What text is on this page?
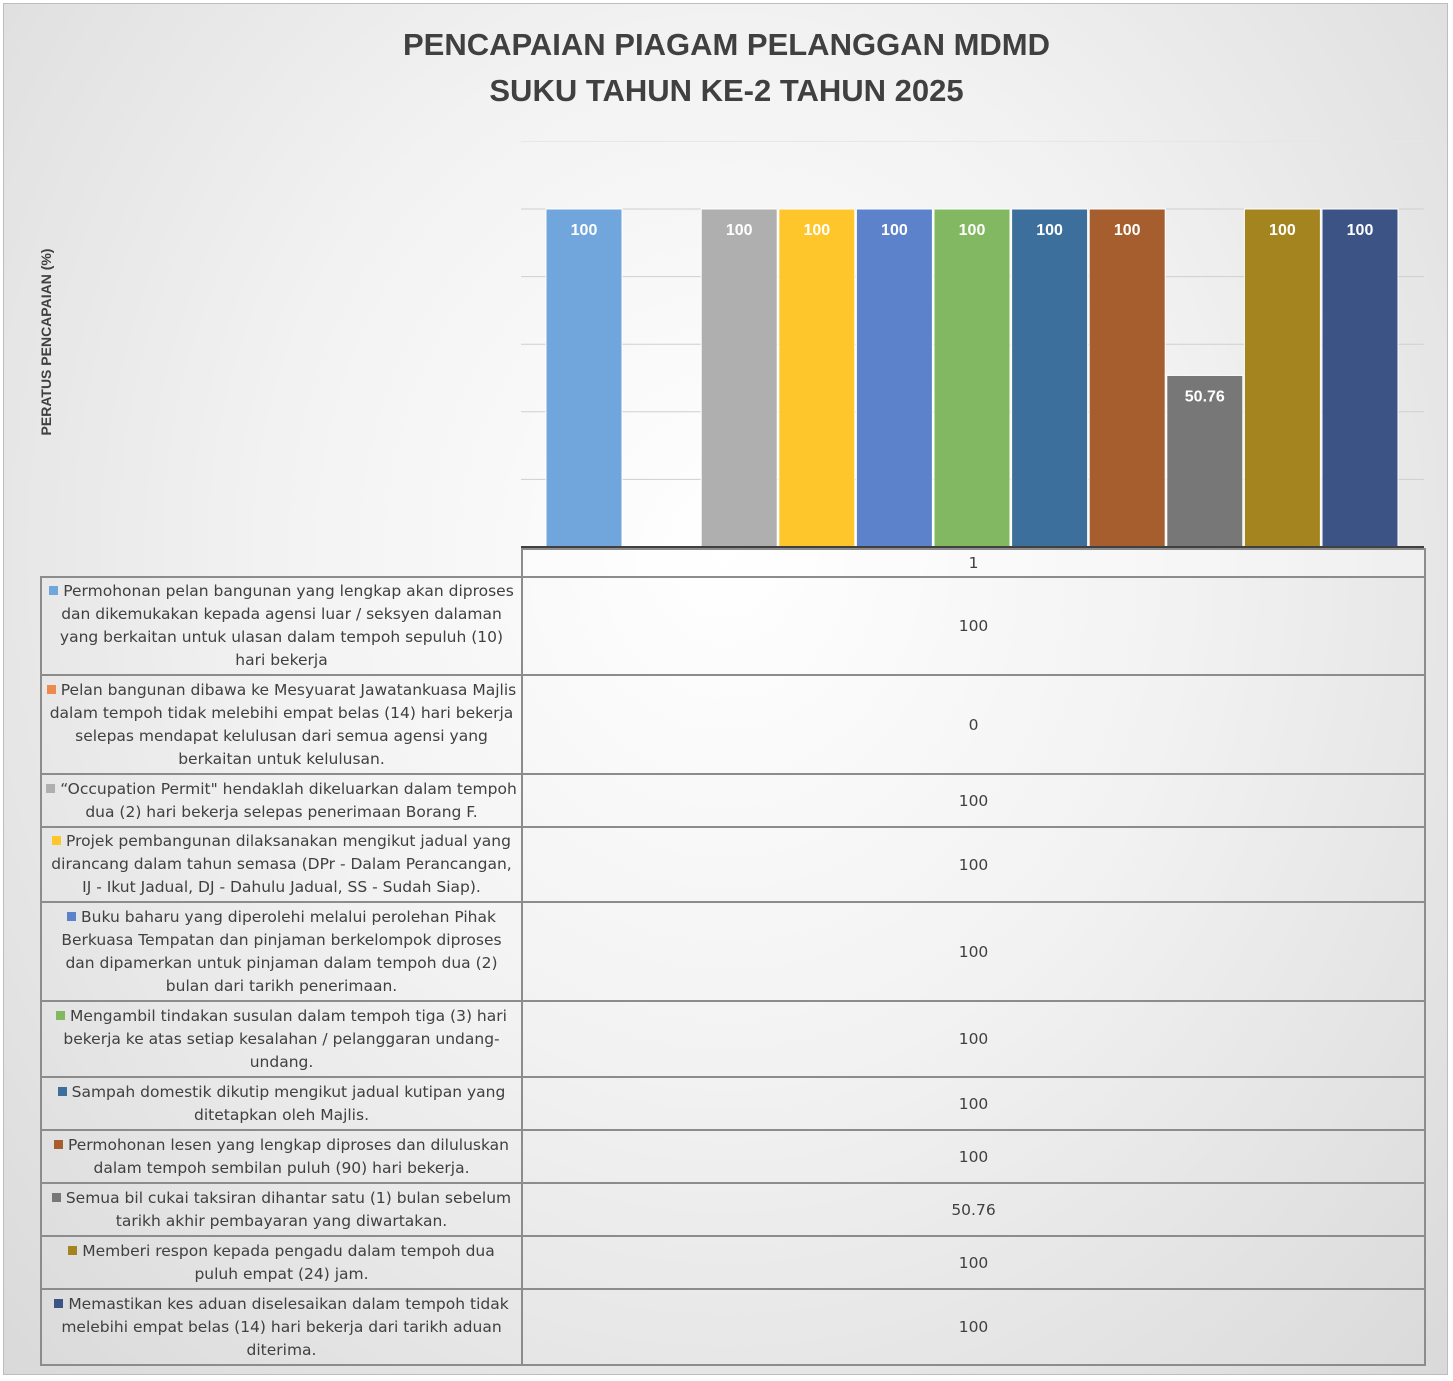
PENCAPAIAN PIAGAM PELANGGAN MDMD
SUKU TAHUN KE-2 TAHUN 2025
PERATUS PENCAPAIAN (%)
100	100	100	100	100	100	100
50.76
100	100
	1
Permohonan pelan bangunan yang lengkap akan diproses dan dikemukakan kepada agensi luar / seksyen dalaman yang berkaitan untuk ulasan dalam tempoh sepuluh (10) hari bekerja	100
Pelan bangunan dibawa ke Mesyuarat Jawatankuasa Majlis dalam tempoh tidak melebihi empat belas (14) hari bekerja selepas mendapat kelulusan dari semua agensi yang berkaitan untuk kelulusan.	0
“Occupation Permit" hendaklah dikeluarkan dalam tempoh dua (2) hari bekerja selepas penerimaan Borang F.	100
Projek pembangunan dilaksanakan mengikut jadual yang dirancang dalam tahun semasa (DPr - Dalam Perancangan, IJ - Ikut Jadual, DJ - Dahulu Jadual, SS - Sudah Siap).	100
Buku baharu yang diperolehi melalui perolehan Pihak Berkuasa Tempatan dan pinjaman berkelompok diproses dan dipamerkan untuk pinjaman dalam tempoh dua (2) bulan dari tarikh penerimaan.	100
Mengambil tindakan susulan dalam tempoh tiga (3) hari bekerja ke atas setiap kesalahan / pelanggaran undang-undang.	100
Sampah domestik dikutip mengikut jadual kutipan yang ditetapkan oleh Majlis.	100
Permohonan lesen yang lengkap diproses dan diluluskan dalam tempoh sembilan puluh (90) hari bekerja.	100
Semua bil cukai taksiran dihantar satu (1) bulan sebelum tarikh akhir pembayaran yang diwartakan.	50.76
Memberi respon kepada pengadu dalam tempoh dua puluh empat (24) jam.	100
Memastikan kes aduan diselesaikan dalam tempoh tidak melebihi empat belas (14) hari bekerja dari tarikh aduan diterima.	100
